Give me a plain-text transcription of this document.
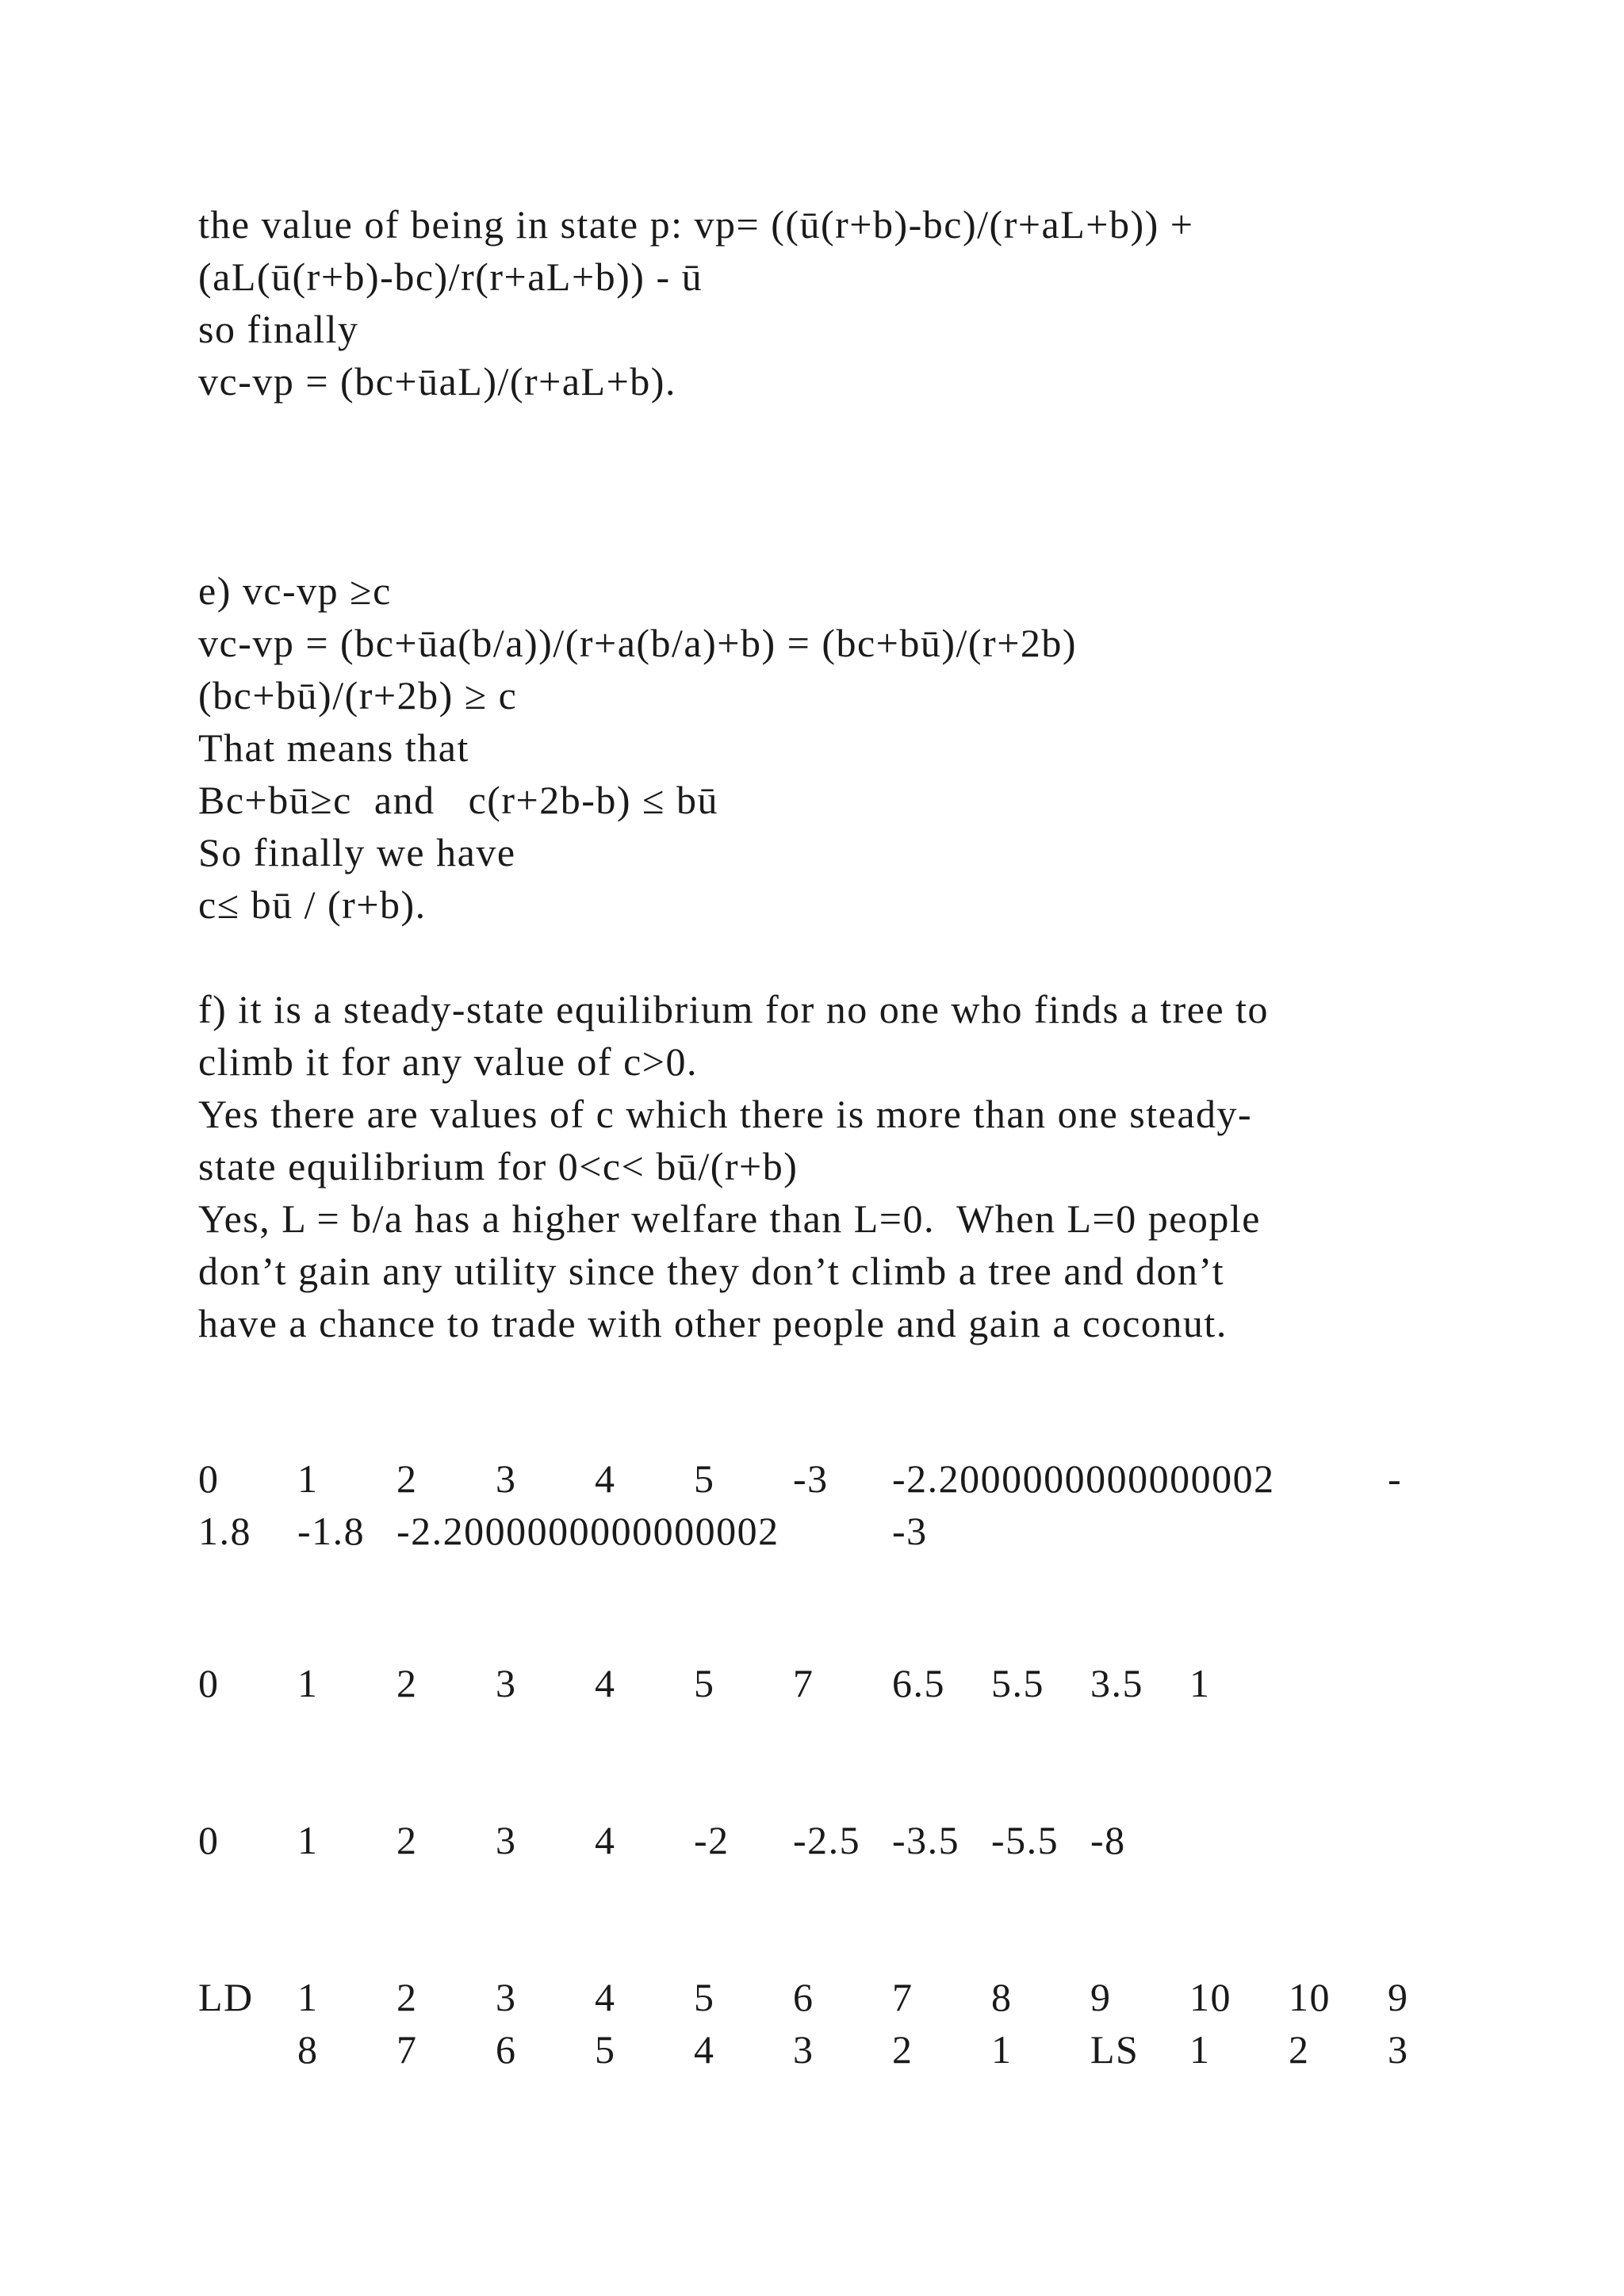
the value of being in state p: vp= ((ū(r+b)-bc)/(r+aL+b)) +
(aL(ū(r+b)-bc)/r(r+aL+b)) - ū
so finally
vc-vp = (bc+ūaL)/(r+aL+b).
e) vc-vp ≥c
vc-vp = (bc+ūa(b/a))/(r+a(b/a)+b) = (bc+bū)/(r+2b)
(bc+bū)/(r+2b) ≥ c
That means that
Bc+bū≥c  and   c(r+2b-b) ≤ bū
So finally we have
c≤ bū / (r+b).
f) it is a steady-state equilibrium for no one who finds a tree to
climb it for any value of c>0.
Yes there are values of c which there is more than one steady-
state equilibrium for 0<c< bū/(r+b)
Yes, L = b/a has a higher welfare than L=0.  When L=0 people
don’t gain any utility since they don’t climb a tree and don’t
have a chance to trade with other people and gain a coconut.
0 1 2 3 4 5 -3 -2.2000000000000002	-
1.8 -1.8 -2.2000000000000002	-3
0 1 2 3 4 5 7 6.5 5.5 3.5 1
0 1 2 3 4 -2 -2.5 -3.5 -5.5 -8
LD 1 2 3 4 5 6 7 8 9 10 10 9
8 7 6 5 4 3 2 1 LS 1 2 3
